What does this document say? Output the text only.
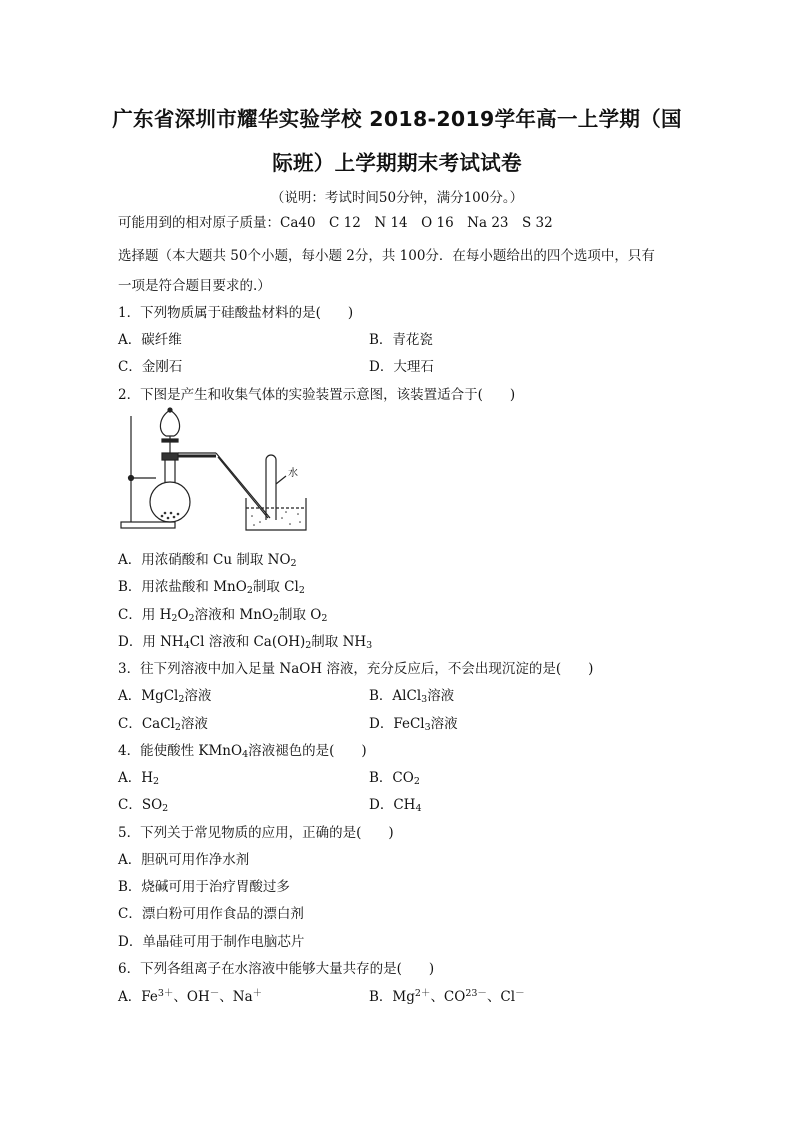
广东省深圳市耀华实验学校 2018-2019学年高一上学期（国
际班）上学期期末考试试卷
（说明：考试时间50分钟，满分100分。）
可能用到的相对原子质量：Ca40　C 12　N 14　O 16　Na 23　S 32
选择题（本大题共 50个小题，每小题 2分，共 100分．在每小题给出的四个选项中，只有
一项是符合题目要求的.）
1．下列物质属于硅酸盐材料的是(　　)
A．碳纤维	B．青花瓷
C．金刚石	D．大理石
2．下图是产生和收集气体的实验装置示意图，该装置适合于(　　)
水
A．用浓硝酸和 Cu 制取 $NO_2$
B．用浓盐酸和 MnO$_2$制取 $Cl_2$
C．用 $H_2O_2$溶液和 MnO$_2$制取 $O_2$
D．用 $NH_4Cl$ 溶液和 $Ca(OH)_2$制取 $NH_3$
3．往下列溶液中加入足量 NaOH 溶液，充分反应后，不会出现沉淀的是(　　)
A．MgCl$_2$溶液	B．AlCl$_3$溶液
C．CaCl$_2$溶液	D．FeCl$_3$溶液
4．能使酸性 KMnO$_4$溶液褪色的是(　　)
A．$H_2$	B．$CO_2$
C．$SO_2$	D．$CH_4$
5．下列关于常见物质的应用，正确的是(　　)
A．胆矾可用作净水剂
B．烧碱可用于治疗胃酸过多
C．漂白粉可用作食品的漂白剂
D．单晶硅可用于制作电脑芯片
6．下列各组离子在水溶液中能够大量共存的是(　　)
A．$Fe^{3+}$、OH－、Na＋	B．$Mg^{2+}$、$CO^{23-}$、Cl－
